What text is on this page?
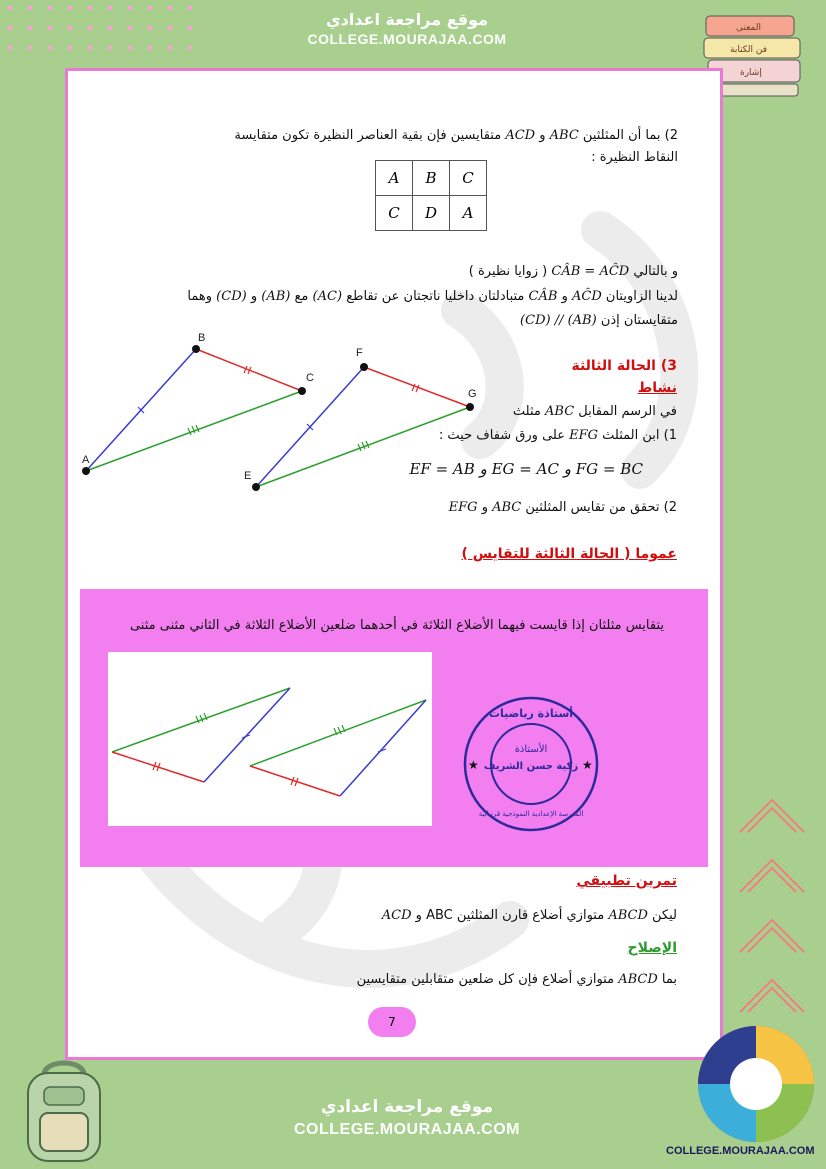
موقع مراجعة اعدادي
COLLEGE.MOURAJAA.COM
المعنى
فن الكتابة
إشارة
2) بما أن المثلثين ABC و ACD متقايسين فإن بقية العناصر النظيرة تكون متقايسة
النقاط النظيرة :
A	B	C
C	D	A
و بالتالي CÂB = AĈD ( زوايا نظيرة )
لدينا الزاويتان AĈD و CÂB متبادلتان داخليا ناتجتان عن تقاطع (AC) مع (AB) و (CD) وهما
متقايستان إذن (AB) // (CD)
A
B
C
E
F
G
3) الحالة الثالثة
نشاط
في الرسم المقابل ABC مثلث
1) ابن المثلث EFG على ورق شفاف حيث :
FG = BC و EG = AC و EF = AB
2) تحقق من تقايس المثلثين ABC و EFG
عموما ( الحالة الثالثة للتقايس )
يتقايس مثلثان إذا قايست فيهما الأضلاع الثلاثة في أحدهما ضلعين الأضلاع الثلاثة في الثاني مثنى مثنى
أستاذة رياضيات
الأستاذة
زكية حسن الشريف
المدرسة الإعدادية النموذجية قرنبالية
★	★
تمرين تطبيقي
ليكن ABCD متوازي أضلاع قارن المثلثين ABC و ACD
الإصلاح
بما ABCD متوازي أضلاع فإن كل ضلعين متقابلين متقايسين
7
موقع مراجعة اعدادي
COLLEGE.MOURAJAA.COM
COLLEGE.MOURAJAA.COM
